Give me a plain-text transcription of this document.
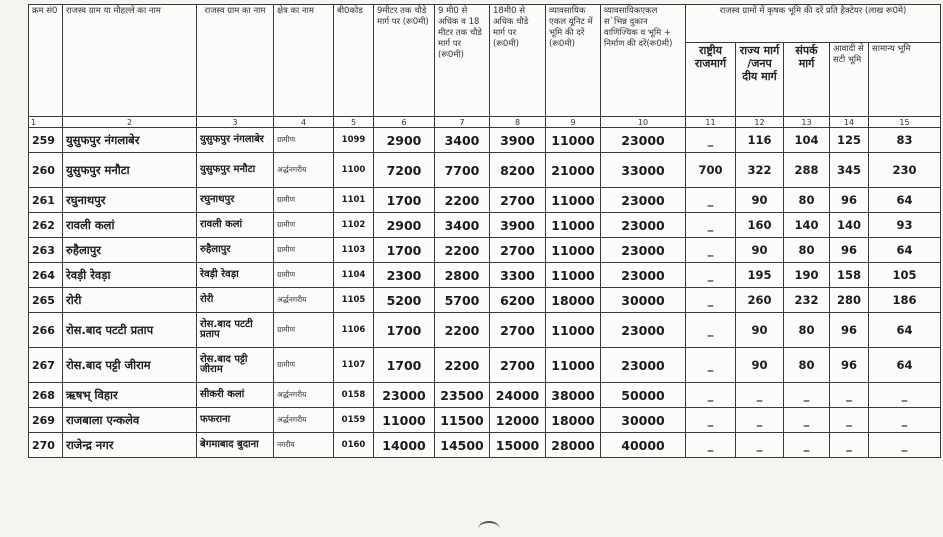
क्रम सं0	राजस्व ग्राम या मौहल्ले का नाम	राजस्व ग्राम का नाम	क्षेत्र का नाम	बी0कोड	9मीटर तक चौडे मार्ग पर (रू0मी)	9 मी0 से अधिक व 18 मीटर तक चौडे मार्ग पर (रू0मी)	18मी0 से अधिक चौडे मार्ग पर (रू0मी)	व्यावसायिक एकल यूनिट में भूमि की दरें (रू0मी)	व्यावसायिकएकल स`भिन्न दुकान वाणिज्यिक व भूमि + निर्माण की दरें(रू0मी)	राजस्व ग्रामों में कृषक भूमि की दरें प्रति हैक्टेयर (लाख रू0मे)				
										राष्ट्रीय राजमार्ग	राज्य मार्ग /जनप दीय मार्ग	संपर्क मार्ग	आवादी से सटी भूमि	सामान्य भूमि
1	2	3	4	5	6	7	8	9	10	11	12	13	14	15
259	युसुफपुर नंगलाबेर	युसुफपुर नंगलाबेर	ग्रामीण	1099	2900	3400	3900	11000	23000	_	116	104	125	83
260	युसुफपुर मनौटा	युसुफपुर मनौटा	अर्द्धनगरीय	1100	7200	7700	8200	21000	33000	700	322	288	345	230
261	रघुनाथपुर	रघुनाथपुर	ग्रामीण	1101	1700	2200	2700	11000	23000	_	90	80	96	64
262	रावली कलां	रावली कलां	ग्रामीण	1102	2900	3400	3900	11000	23000	_	160	140	140	93
263	रुहैलापुर	रुहैलापुर	ग्रामीण	1103	1700	2200	2700	11000	23000	_	90	80	96	64
264	रेवड़ी रेवड़ा	रेवड़ी रेवड़ा	ग्रामीण	1104	2300	2800	3300	11000	23000	_	195	190	158	105
265	रोरी	रोरी	अर्द्धनगरीय	1105	5200	5700	6200	18000	30000	_	260	232	280	186
266	रोस.बाद पटटी प्रताप	रोस.बाद पटटी प्रताप	ग्रामीण	1106	1700	2200	2700	11000	23000	_	90	80	96	64
267	रोस.बाद पट्टी जीराम	रोस.बाद पट्टी जीराम	ग्रामीण	1107	1700	2200	2700	11000	23000	_	90	80	96	64
268	ऋषभ् विहार	सीकरी कलां	अर्द्धनगरीय	0158	23000	23500	24000	38000	50000	_	_	_	_	_
269	राजबाला एन्कलेव	फफराना	अर्द्धनगरीय	0159	11000	11500	12000	18000	30000	_	_	_	_	_
270	राजेन्द्र नगर	बेगमाबाद बुदाना	नगरीय	0160	14000	14500	15000	28000	40000	_	_	_	_	_
